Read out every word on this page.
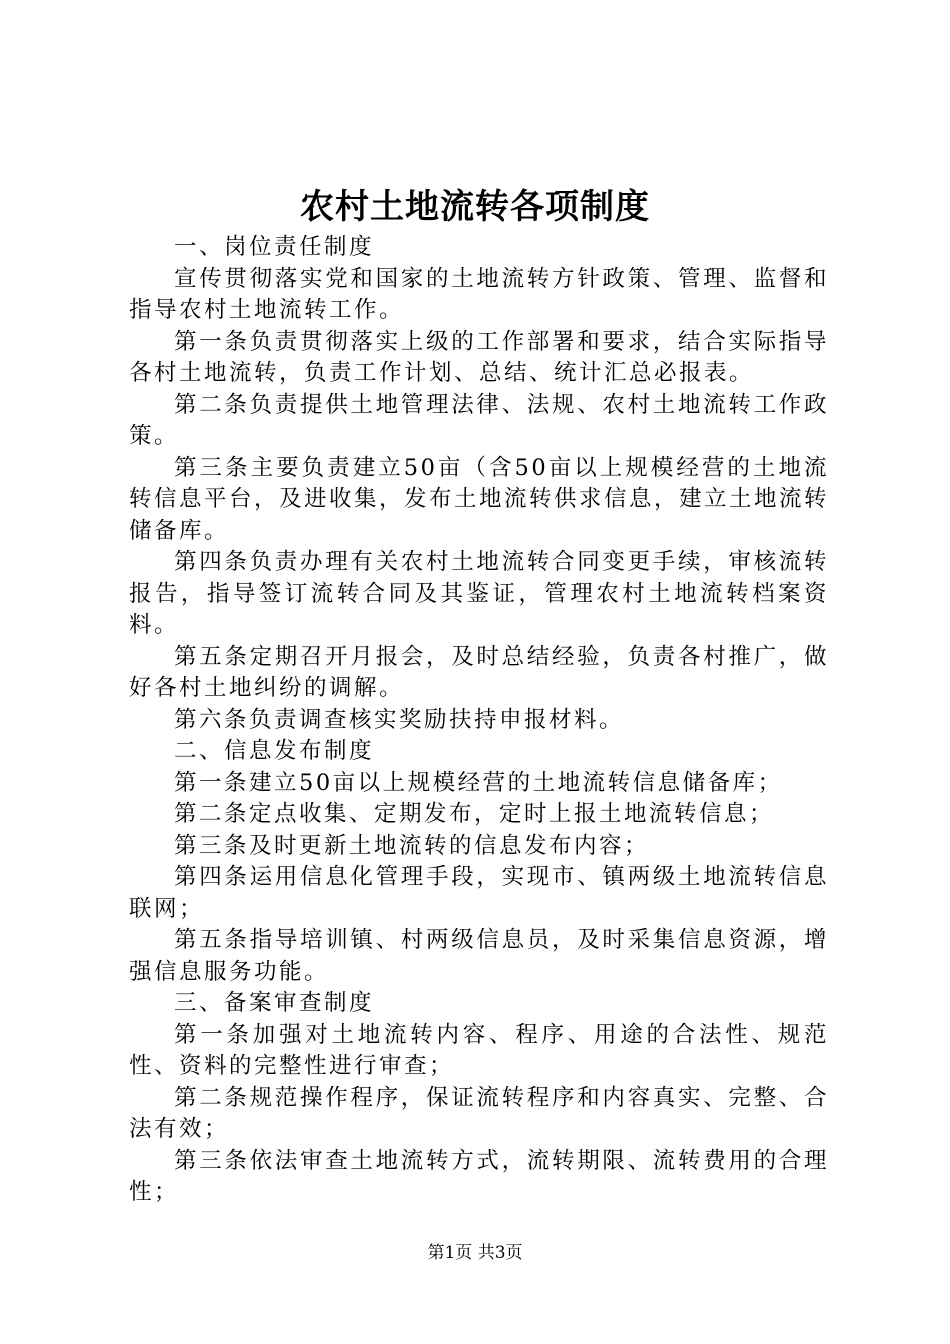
农村土地流转各项制度

一、岗位责任制度

宣传贯彻落实党和国家的土地流转方针政策、管理、监督和指导农村土地流转工作。

第一条负责贯彻落实上级的工作部署和要求，结合实际指导各村土地流转，负责工作计划、总结、统计汇总必报表。

第二条负责提供土地管理法律、法规、农村土地流转工作政策。

第三条主要负责建立50亩（含50亩以上规模经营的土地流转信息平台，及进收集，发布土地流转供求信息，建立土地流转储备库。

第四条负责办理有关农村土地流转合同变更手续，审核流转报告，指导签订流转合同及其鉴证，管理农村土地流转档案资料。

第五条定期召开月报会，及时总结经验，负责各村推广，做好各村土地纠纷的调解。

第六条负责调查核实奖励扶持申报材料。

二、信息发布制度

第一条建立50亩以上规模经营的土地流转信息储备库；

第二条定点收集、定期发布，定时上报土地流转信息；

第三条及时更新土地流转的信息发布内容；

第四条运用信息化管理手段，实现市、镇两级土地流转信息联网；

第五条指导培训镇、村两级信息员，及时采集信息资源，增强信息服务功能。

三、备案审查制度

第一条加强对土地流转内容、程序、用途的合法性、规范性、资料的完整性进行审查；

第二条规范操作程序，保证流转程序和内容真实、完整、合法有效；

第三条依法审查土地流转方式，流转期限、流转费用的合理性；

第1页 共3页
